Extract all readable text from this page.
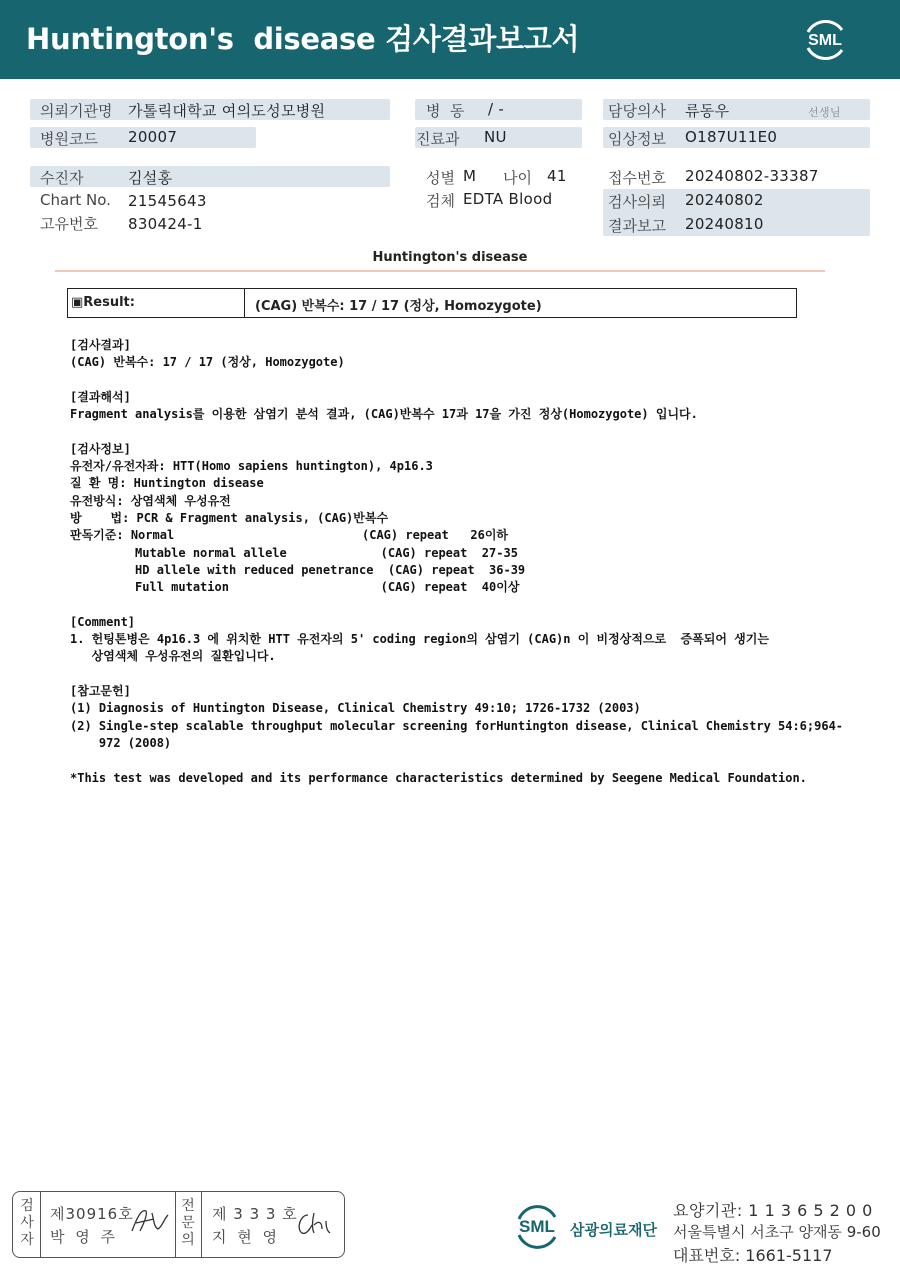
Huntington's  disease 검사결과보고서	SML
의뢰기관명 가톨릭대학교 여의도성모병원
병원코드 20007
병  동 / -
진료과 NU
담당의사 류동우	선생님
임상정보 O187U11E0
수진자	김설홍
Chart No. 21545643
고유번호 830424-1
성별 M 나이 41
검체 EDTA Blood
접수번호 20240802-33387
검사의뢰 20240802
결과보고 20240810
Huntington's disease
▣Result:	(CAG) 반복수: 17 / 17 (정상, Homozygote)
[검사결과]
(CAG) 반복수: 17 / 17 (정상, Homozygote)
[결과해석]
Fragment analysis를 이용한 삼염기 분석 결과, (CAG)반복수 17과 17을 가진 정상(Homozygote) 입니다.
[검사정보]
유전자/유전자좌: HTT(Homo sapiens huntington), 4p16.3
질 환 명: Huntington disease
유전방식: 상염색체 우성유전
방    법: PCR & Fragment analysis, (CAG)반복수
판독기준: Normal                          (CAG) repeat   26이하
Mutable normal allele             (CAG) repeat  27-35
HD allele with reduced penetrance  (CAG) repeat  36-39
Full mutation                     (CAG) repeat  40이상
[Comment]
1. 헌팅톤병은 4p16.3 에 위치한 HTT 유전자의 5' coding region의 삼염기 (CAG)n 이 비정상적으로  증폭되어 생기는
상염색체 우성유전의 질환입니다.
[참고문헌]
(1) Diagnosis of Huntington Disease, Clinical Chemistry 49:10; 1726-1732 (2003)
(2) Single-step scalable throughput molecular screening forHuntington disease, Clinical Chemistry 54:6;964-
972 (2008)
*This test was developed and its performance characteristics determined by Seegene Medical Foundation.
검사자
제30916호
박 영 주
전문의
제 3 3 3 호
지 현 영
SML 삼광의료재단
요양기관: 1 1 3 6 5 2 0 0
서울특별시 서초구 양재동 9-60
대표번호: 1661-5117
